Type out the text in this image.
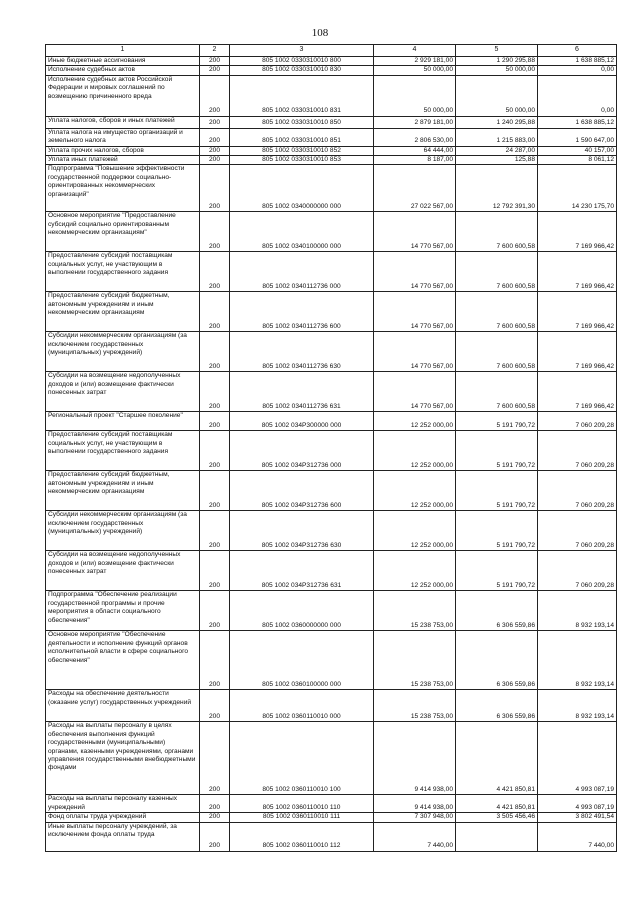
108
1	2	3	4	5	6
Иные бюджетные ассигнования	200	805 1002 0330310010 800	2 929 181,00	1 290 295,88	1 638 885,12
Исполнение судебных актов	200	805 1002 0330310010 830	50 000,00	50 000,00	0,00
Исполнение судебных актов Российской Федерации и мировых соглашений по возмещению причиненного вреда	200	805 1002 0330310010 831	50 000,00	50 000,00	0,00
Уплата налогов, сборов и иных платежей	200	805 1002 0330310010 850	2 879 181,00	1 240 295,88	1 638 885,12
Уплата налога на имущество организаций и земельного налога	200	805 1002 0330310010 851	2 806 530,00	1 215 883,00	1 590 647,00
Уплата прочих налогов, сборов	200	805 1002 0330310010 852	64 444,00	24 287,00	40 157,00
Уплата иных платежей	200	805 1002 0330310010 853	8 187,00	125,88	8 061,12
Подпрограмма "Повышение эффективности государственной поддержки социально-ориентированных некоммерческих организаций"	200	805 1002 0340000000 000	27 022 567,00	12 792 391,30	14 230 175,70
Основное мероприятие "Предоставление субсидий социально ориентированным некоммерческим организациям"	200	805 1002 0340100000 000	14 770 567,00	7 600 600,58	7 169 966,42
Предоставление субсидий поставщикам социальных услуг, не участвующим в выполнении государственного задания	200	805 1002 0340112736 000	14 770 567,00	7 600 600,58	7 169 966,42
Предоставление субсидий бюджетным, автономным учреждениям и иным некоммерческим организациям	200	805 1002 0340112736 600	14 770 567,00	7 600 600,58	7 169 966,42
Субсидии некоммерческим организациям (за исключением государственных (муниципальных) учреждений)	200	805 1002 0340112736 630	14 770 567,00	7 600 600,58	7 169 966,42
Субсидии на возмещение недополученных доходов и (или) возмещение фактически понесенных затрат	200	805 1002 0340112736 631	14 770 567,00	7 600 600,58	7 169 966,42
Региональный проект "Старшее поколение"	200	805 1002 034P300000 000	12 252 000,00	5 191 790,72	7 060 209,28
Предоставление субсидий поставщикам социальных услуг, не участвующим в выполнении государственного задания	200	805 1002 034P312736 000	12 252 000,00	5 191 790,72	7 060 209,28
Предоставление субсидий бюджетным, автономным учреждениям и иным некоммерческим организациям	200	805 1002 034P312736 600	12 252 000,00	5 191 790,72	7 060 209,28
Субсидии некоммерческим организациям (за исключением государственных (муниципальных) учреждений)	200	805 1002 034P312736 630	12 252 000,00	5 191 790,72	7 060 209,28
Субсидии на возмещение недополученных доходов и (или) возмещение фактически понесенных затрат	200	805 1002 034P312736 631	12 252 000,00	5 191 790,72	7 060 209,28
Подпрограмма "Обеспечение реализации государственной программы и прочие мероприятия в области социального обеспечения"	200	805 1002 0360000000 000	15 238 753,00	6 306 559,86	8 932 193,14
Основное мероприятие "Обеспечение деятельности и исполнение функций органов исполнительной власти в сфере социального обеспечения"	200	805 1002 0360100000 000	15 238 753,00	6 306 559,86	8 932 193,14
Расходы на обеспечение деятельности (оказание услуг) государственных учреждений	200	805 1002 0360110010 000	15 238 753,00	6 306 559,86	8 932 193,14
Расходы на выплаты персоналу в целях обеспечения выполнения функций государственными (муниципальными) органами, казенными учреждениями, органами управления государственными внебюджетными фондами	200	805 1002 0360110010 100	9 414 938,00	4 421 850,81	4 993 087,19
Расходы на выплаты персоналу казенных учреждений	200	805 1002 0360110010 110	9 414 938,00	4 421 850,81	4 993 087,19
Фонд оплаты труда учреждений	200	805 1002 0360110010 111	7 307 948,00	3 505 456,46	3 802 491,54
Иные выплаты персоналу учреждений, за исключением фонда оплаты труда	200	805 1002 0360110010 112	7 440,00		7 440,00
